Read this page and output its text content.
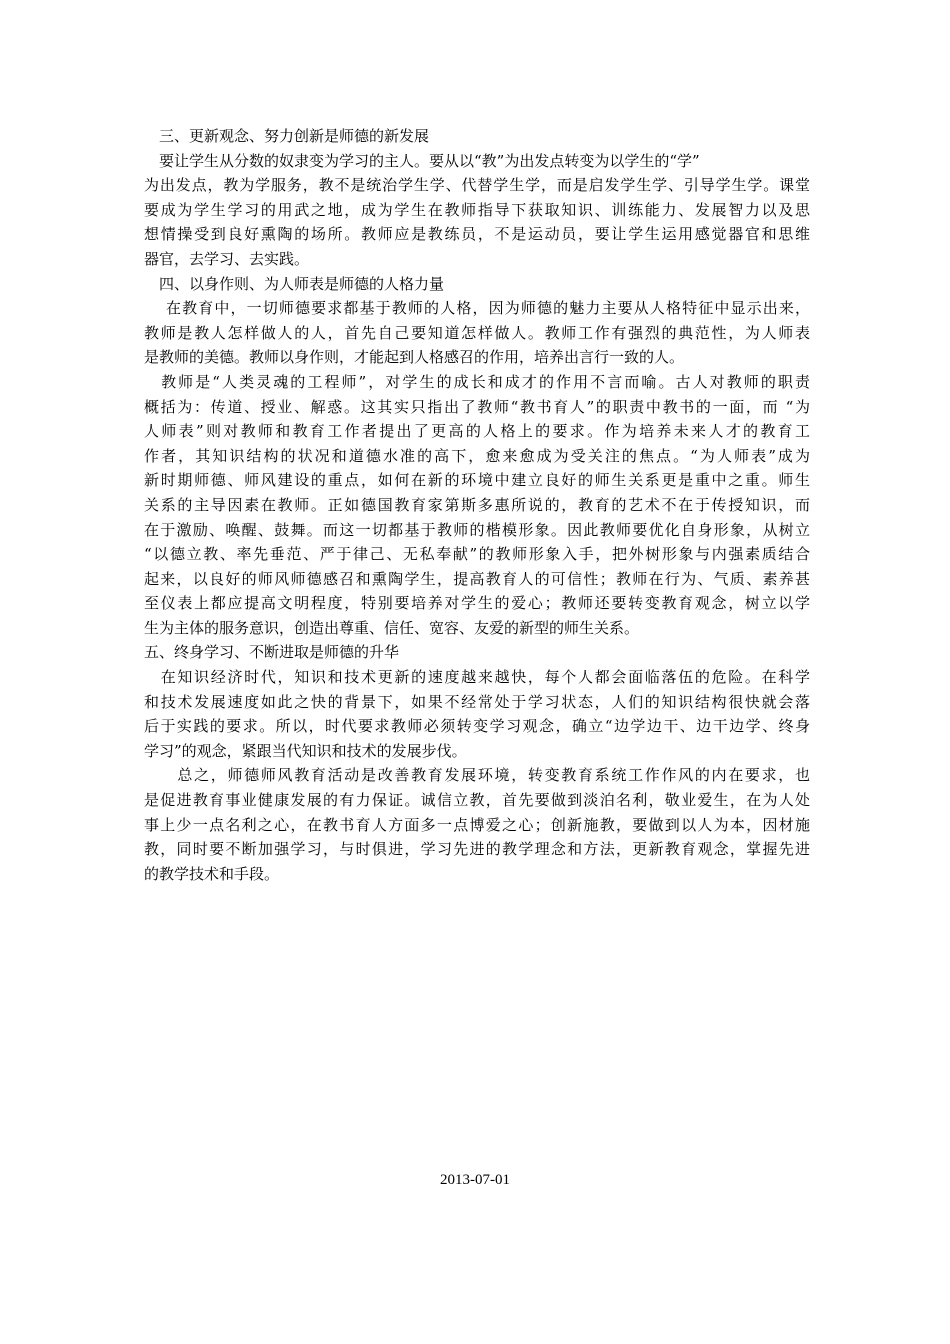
　三、更新观念、努力创新是师德的新发展
　要让学生从分数的奴隶变为学习的主人。要从以“教”为出发点转变为以学生的“学”
为出发点，教为学服务，教不是统治学生学、代替学生学，而是启发学生学、引导学生学。课堂
要成为学生学习的用武之地，成为学生在教师指导下获取知识、训练能力、发展智力以及思
想情操受到良好熏陶的场所。教师应是教练员，不是运动员，要让学生运用感觉器官和思维
器官，去学习、去实践。
　四、以身作则、为人师表是师德的人格力量
　 在教育中，一切师德要求都基于教师的人格，因为师德的魅力主要从人格特征中显示出来，
教师是教人怎样做人的人，首先自己要知道怎样做人。教师工作有强烈的典范性，为人师表
是教师的美德。教师以身作则，才能起到人格感召的作用，培养出言行一致的人。
　教师是“人类灵魂的工程师”，对学生的成长和成才的作用不言而喻。古人对教师的职责
概括为：传道、授业、解惑。这其实只指出了教师“教书育人”的职责中教书的一面，而 “为
人师表”则对教师和教育工作者提出了更高的人格上的要求。作为培养未来人才的教育工
作者，其知识结构的状况和道德水准的高下，愈来愈成为受关注的焦点。“为人师表”成为
新时期师德、师风建设的重点，如何在新的环境中建立良好的师生关系更是重中之重。师生
关系的主导因素在教师。正如德国教育家第斯多惠所说的，教育的艺术不在于传授知识，而
在于激励、唤醒、鼓舞。而这一切都基于教师的楷模形象。因此教师要优化自身形象，从树立
“以德立教、率先垂范、严于律己、无私奉献”的教师形象入手，把外树形象与内强素质结合
起来，以良好的师风师德感召和熏陶学生，提高教育人的可信性；教师在行为、气质、素养甚
至仪表上都应提高文明程度，特别要培养对学生的爱心；教师还要转变教育观念，树立以学
生为主体的服务意识，创造出尊重、信任、宽容、友爱的新型的师生关系。
五、终身学习、不断进取是师德的升华
　在知识经济时代，知识和技术更新的速度越来越快，每个人都会面临落伍的危险。在科学
和技术发展速度如此之快的背景下，如果不经常处于学习状态，人们的知识结构很快就会落
后于实践的要求。所以，时代要求教师必须转变学习观念，确立“边学边干、边干边学、终身
学习”的观念，紧跟当代知识和技术的发展步伐。
　　总之，师德师风教育活动是改善教育发展环境，转变教育系统工作作风的内在要求，也
是促进教育事业健康发展的有力保证。诚信立教，首先要做到淡泊名利，敬业爱生，在为人处
事上少一点名利之心，在教书育人方面多一点博爱之心；创新施教，要做到以人为本，因材施
教，同时要不断加强学习，与时俱进，学习先进的教学理念和方法，更新教育观念，掌握先进
的教学技术和手段。
2013-07-01
